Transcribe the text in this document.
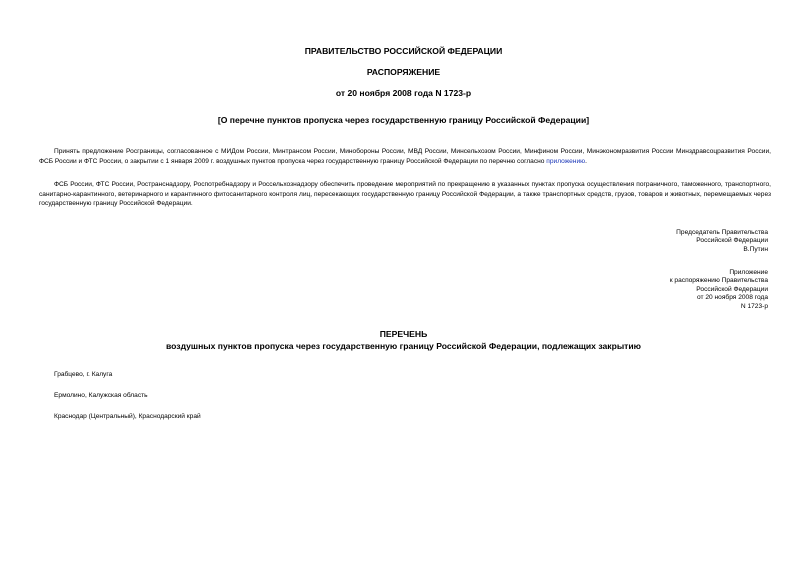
ПРАВИТЕЛЬСТВО РОССИЙСКОЙ ФЕДЕРАЦИИ
РАСПОРЯЖЕНИЕ
от 20 ноября 2008 года N 1723-р
[О перечне пунктов пропуска через государственную границу Российской Федерации]
Принять предложение Росграницы, согласованное с МИДом России, Минтрансом России, Минобороны России, МВД России, Минсельхозом России, Минфином России, Минэкономразвития России Минздравсоцразвития России, ФСБ России и ФТС России, о закрытии с 1 января 2009 г. воздушных пунктов пропуска через государственную границу Российской Федерации по перечню согласно приложению.
ФСБ России, ФТС России, Ространснадзору, Роспотребнадзору и Россельхознадзору обеспечить проведение мероприятий по прекращению в указанных пунктах пропуска осуществления пограничного, таможенного, транспортного, санитарно-карантинного, ветеринарного и карантинного фитосанитарного контроля лиц, пересекающих государственную границу Российской Федерации, а также транспортных средств, грузов, товаров и животных, перемещаемых через государственную границу Российской Федерации.
Председатель Правительства
Российской Федерации
В.Путин
Приложение
к распоряжению Правительства
Российской Федерации
от 20 ноября 2008 года
N 1723-р
ПЕРЕЧЕНЬ
воздушных пунктов пропуска через государственную границу Российской Федерации, подлежащих закрытию
Грабцево, г. Калуга
Ермолино, Калужская область
Краснодар (Центральный), Краснодарский край
